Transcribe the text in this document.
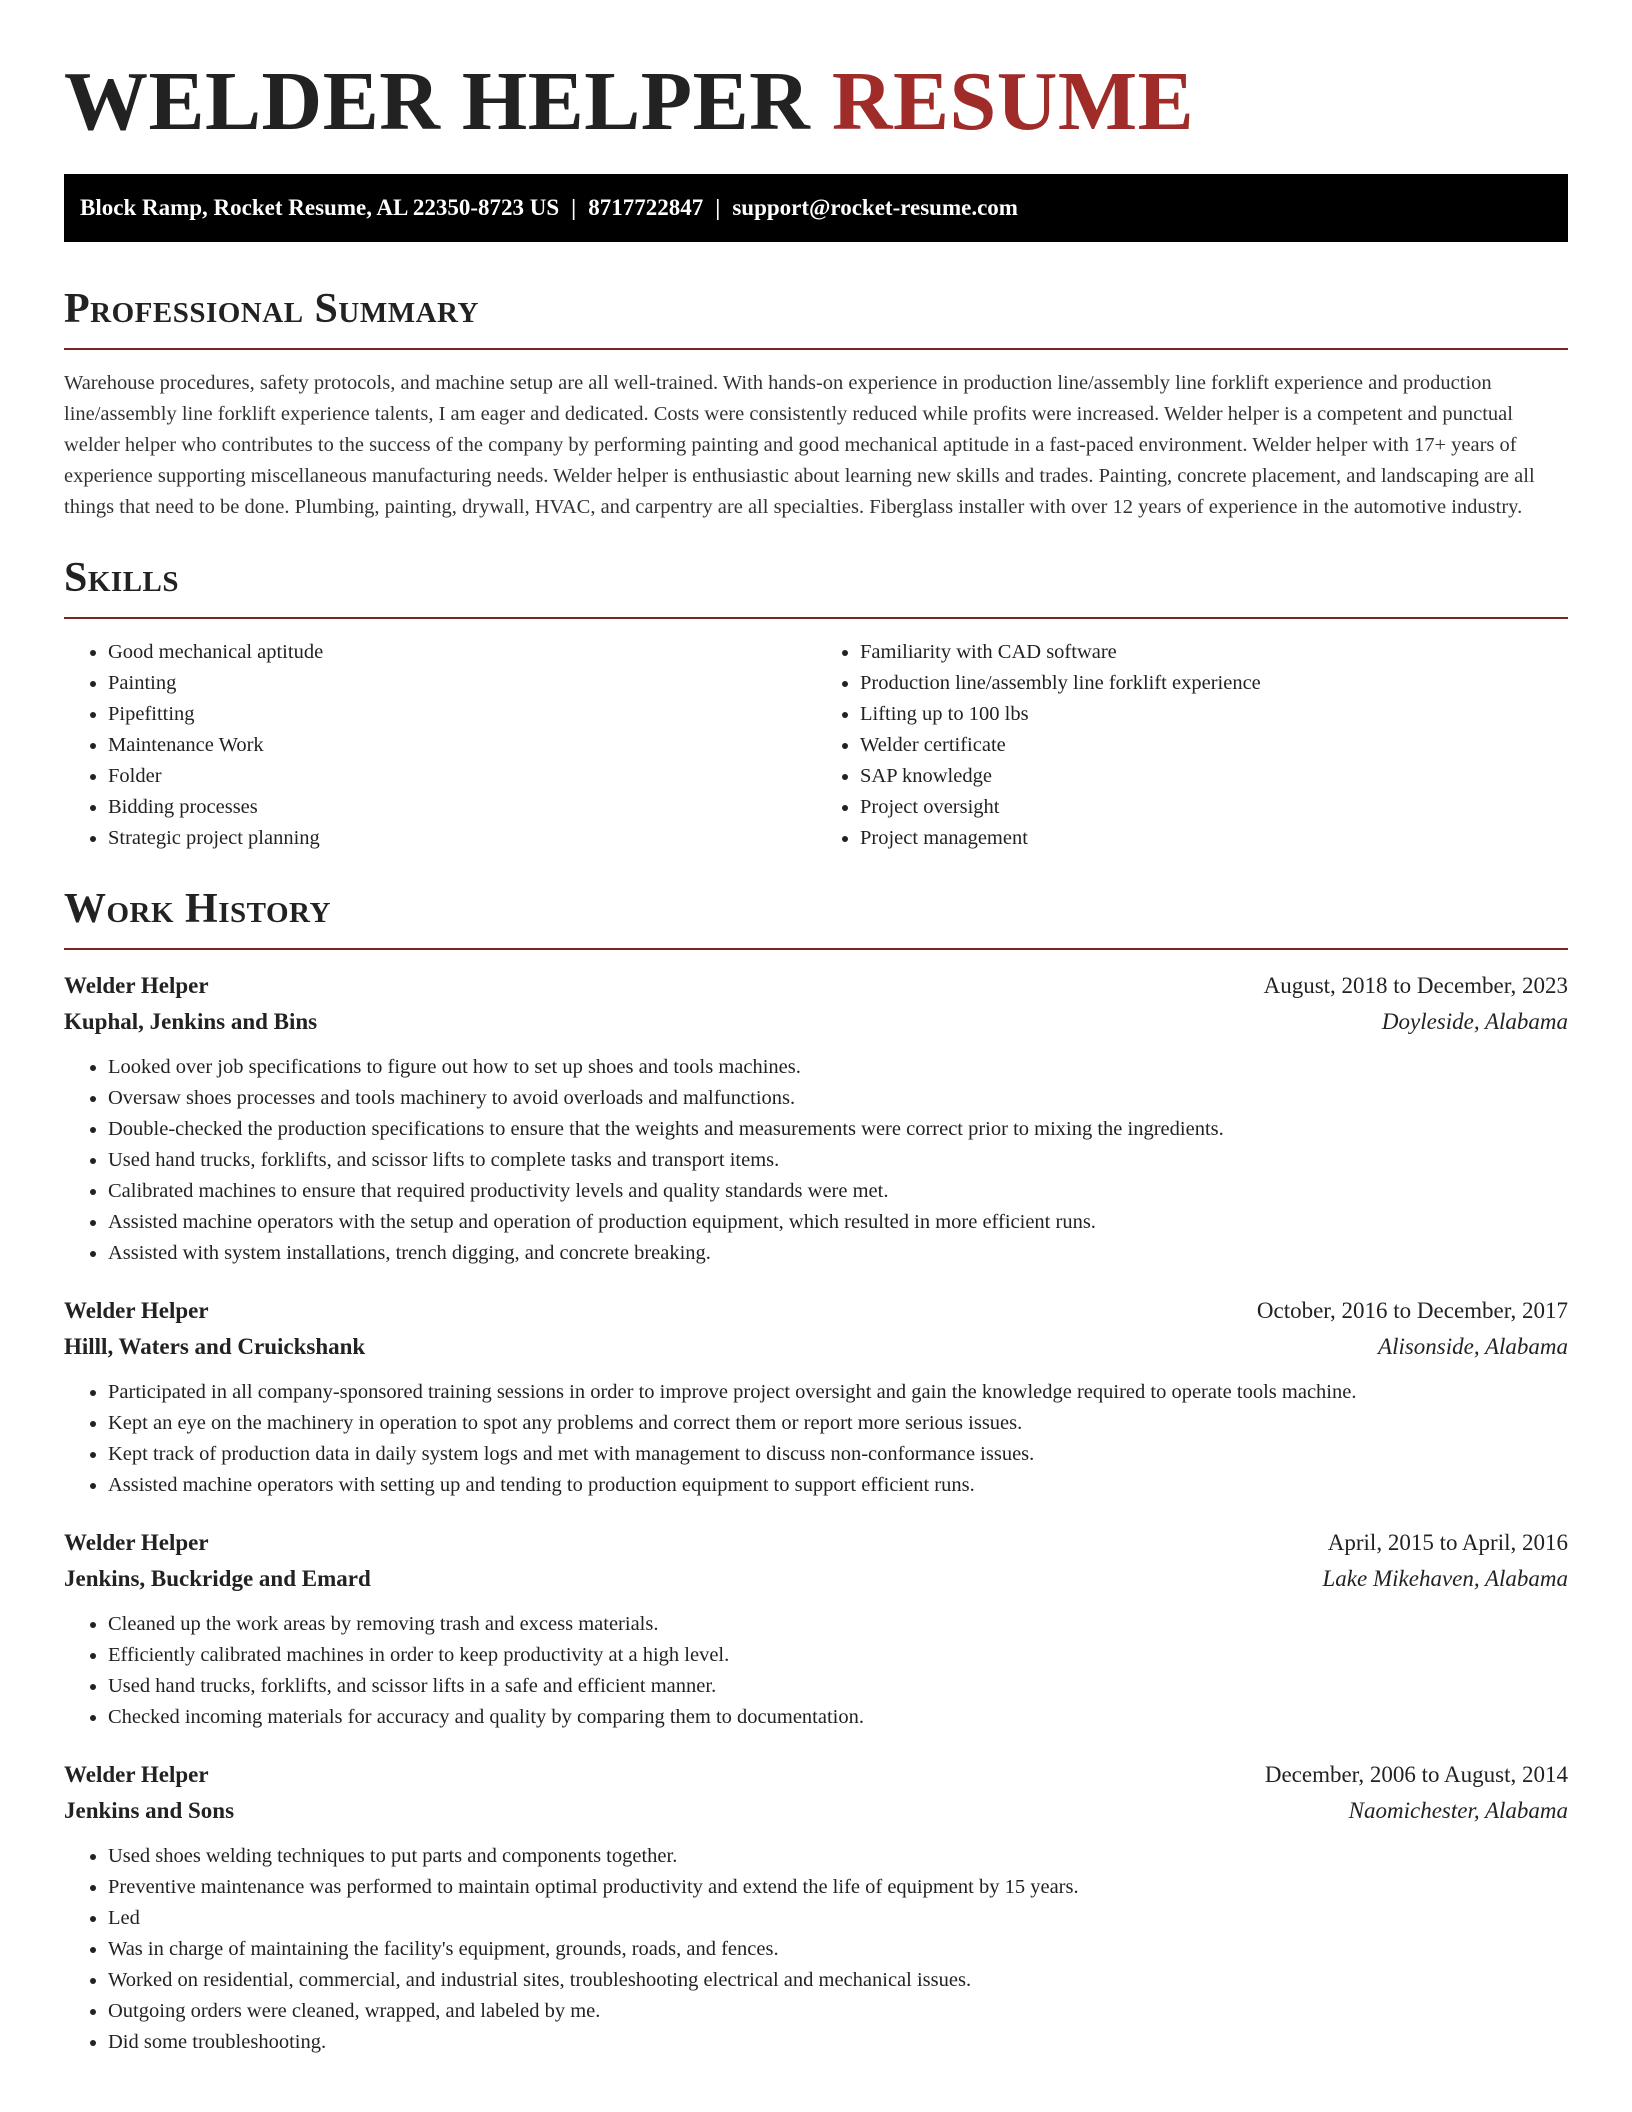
WELDER HELPER RESUME
Block Ramp, Rocket Resume, AL 22350-8723 US | 8717722847 | support@rocket-resume.com
Professional Summary

Warehouse procedures, safety protocols, and machine setup are all well-trained. With hands-on experience in production line/assembly line forklift experience and production line/assembly line forklift experience talents, I am eager and dedicated. Costs were consistently reduced while profits were increased. Welder helper is a competent and punctual welder helper who contributes to the success of the company by performing painting and good mechanical aptitude in a fast-paced environment. Welder helper with 17+ years of experience supporting miscellaneous manufacturing needs. Welder helper is enthusiastic about learning new skills and trades. Painting, concrete placement, and landscaping are all things that need to be done. Plumbing, painting, drywall, HVAC, and carpentry are all specialties. Fiberglass installer with over 12 years of experience in the automotive industry.

Skills
• Good mechanical aptitude
• Painting
• Pipefitting
• Maintenance Work
• Folder
• Bidding processes
• Strategic project planning
• Familiarity with CAD software
• Production line/assembly line forklift experience
• Lifting up to 100 lbs
• Welder certificate
• SAP knowledge
• Project oversight
• Project management
Work History
Welder Helper	August, 2018 to December, 2023
Kuphal, Jenkins and Bins	Doyleside, Alabama
• Looked over job specifications to figure out how to set up shoes and tools machines.
• Oversaw shoes processes and tools machinery to avoid overloads and malfunctions.
• Double-checked the production specifications to ensure that the weights and measurements were correct prior to mixing the ingredients.
• Used hand trucks, forklifts, and scissor lifts to complete tasks and transport items.
• Calibrated machines to ensure that required productivity levels and quality standards were met.
• Assisted machine operators with the setup and operation of production equipment, which resulted in more efficient runs.
• Assisted with system installations, trench digging, and concrete breaking.
Welder Helper	October, 2016 to December, 2017
Hilll, Waters and Cruickshank	Alisonside, Alabama
• Participated in all company-sponsored training sessions in order to improve project oversight and gain the knowledge required to operate tools machine.
• Kept an eye on the machinery in operation to spot any problems and correct them or report more serious issues.
• Kept track of production data in daily system logs and met with management to discuss non-conformance issues.
• Assisted machine operators with setting up and tending to production equipment to support efficient runs.
Welder Helper	April, 2015 to April, 2016
Jenkins, Buckridge and Emard	Lake Mikehaven, Alabama
• Cleaned up the work areas by removing trash and excess materials.
• Efficiently calibrated machines in order to keep productivity at a high level.
• Used hand trucks, forklifts, and scissor lifts in a safe and efficient manner.
• Checked incoming materials for accuracy and quality by comparing them to documentation.
Welder Helper	December, 2006 to August, 2014
Jenkins and Sons	Naomichester, Alabama
• Used shoes welding techniques to put parts and components together.
• Preventive maintenance was performed to maintain optimal productivity and extend the life of equipment by 15 years.
• Led
• Was in charge of maintaining the facility's equipment, grounds, roads, and fences.
• Worked on residential, commercial, and industrial sites, troubleshooting electrical and mechanical issues.
• Outgoing orders were cleaned, wrapped, and labeled by me.
• Did some troubleshooting.
